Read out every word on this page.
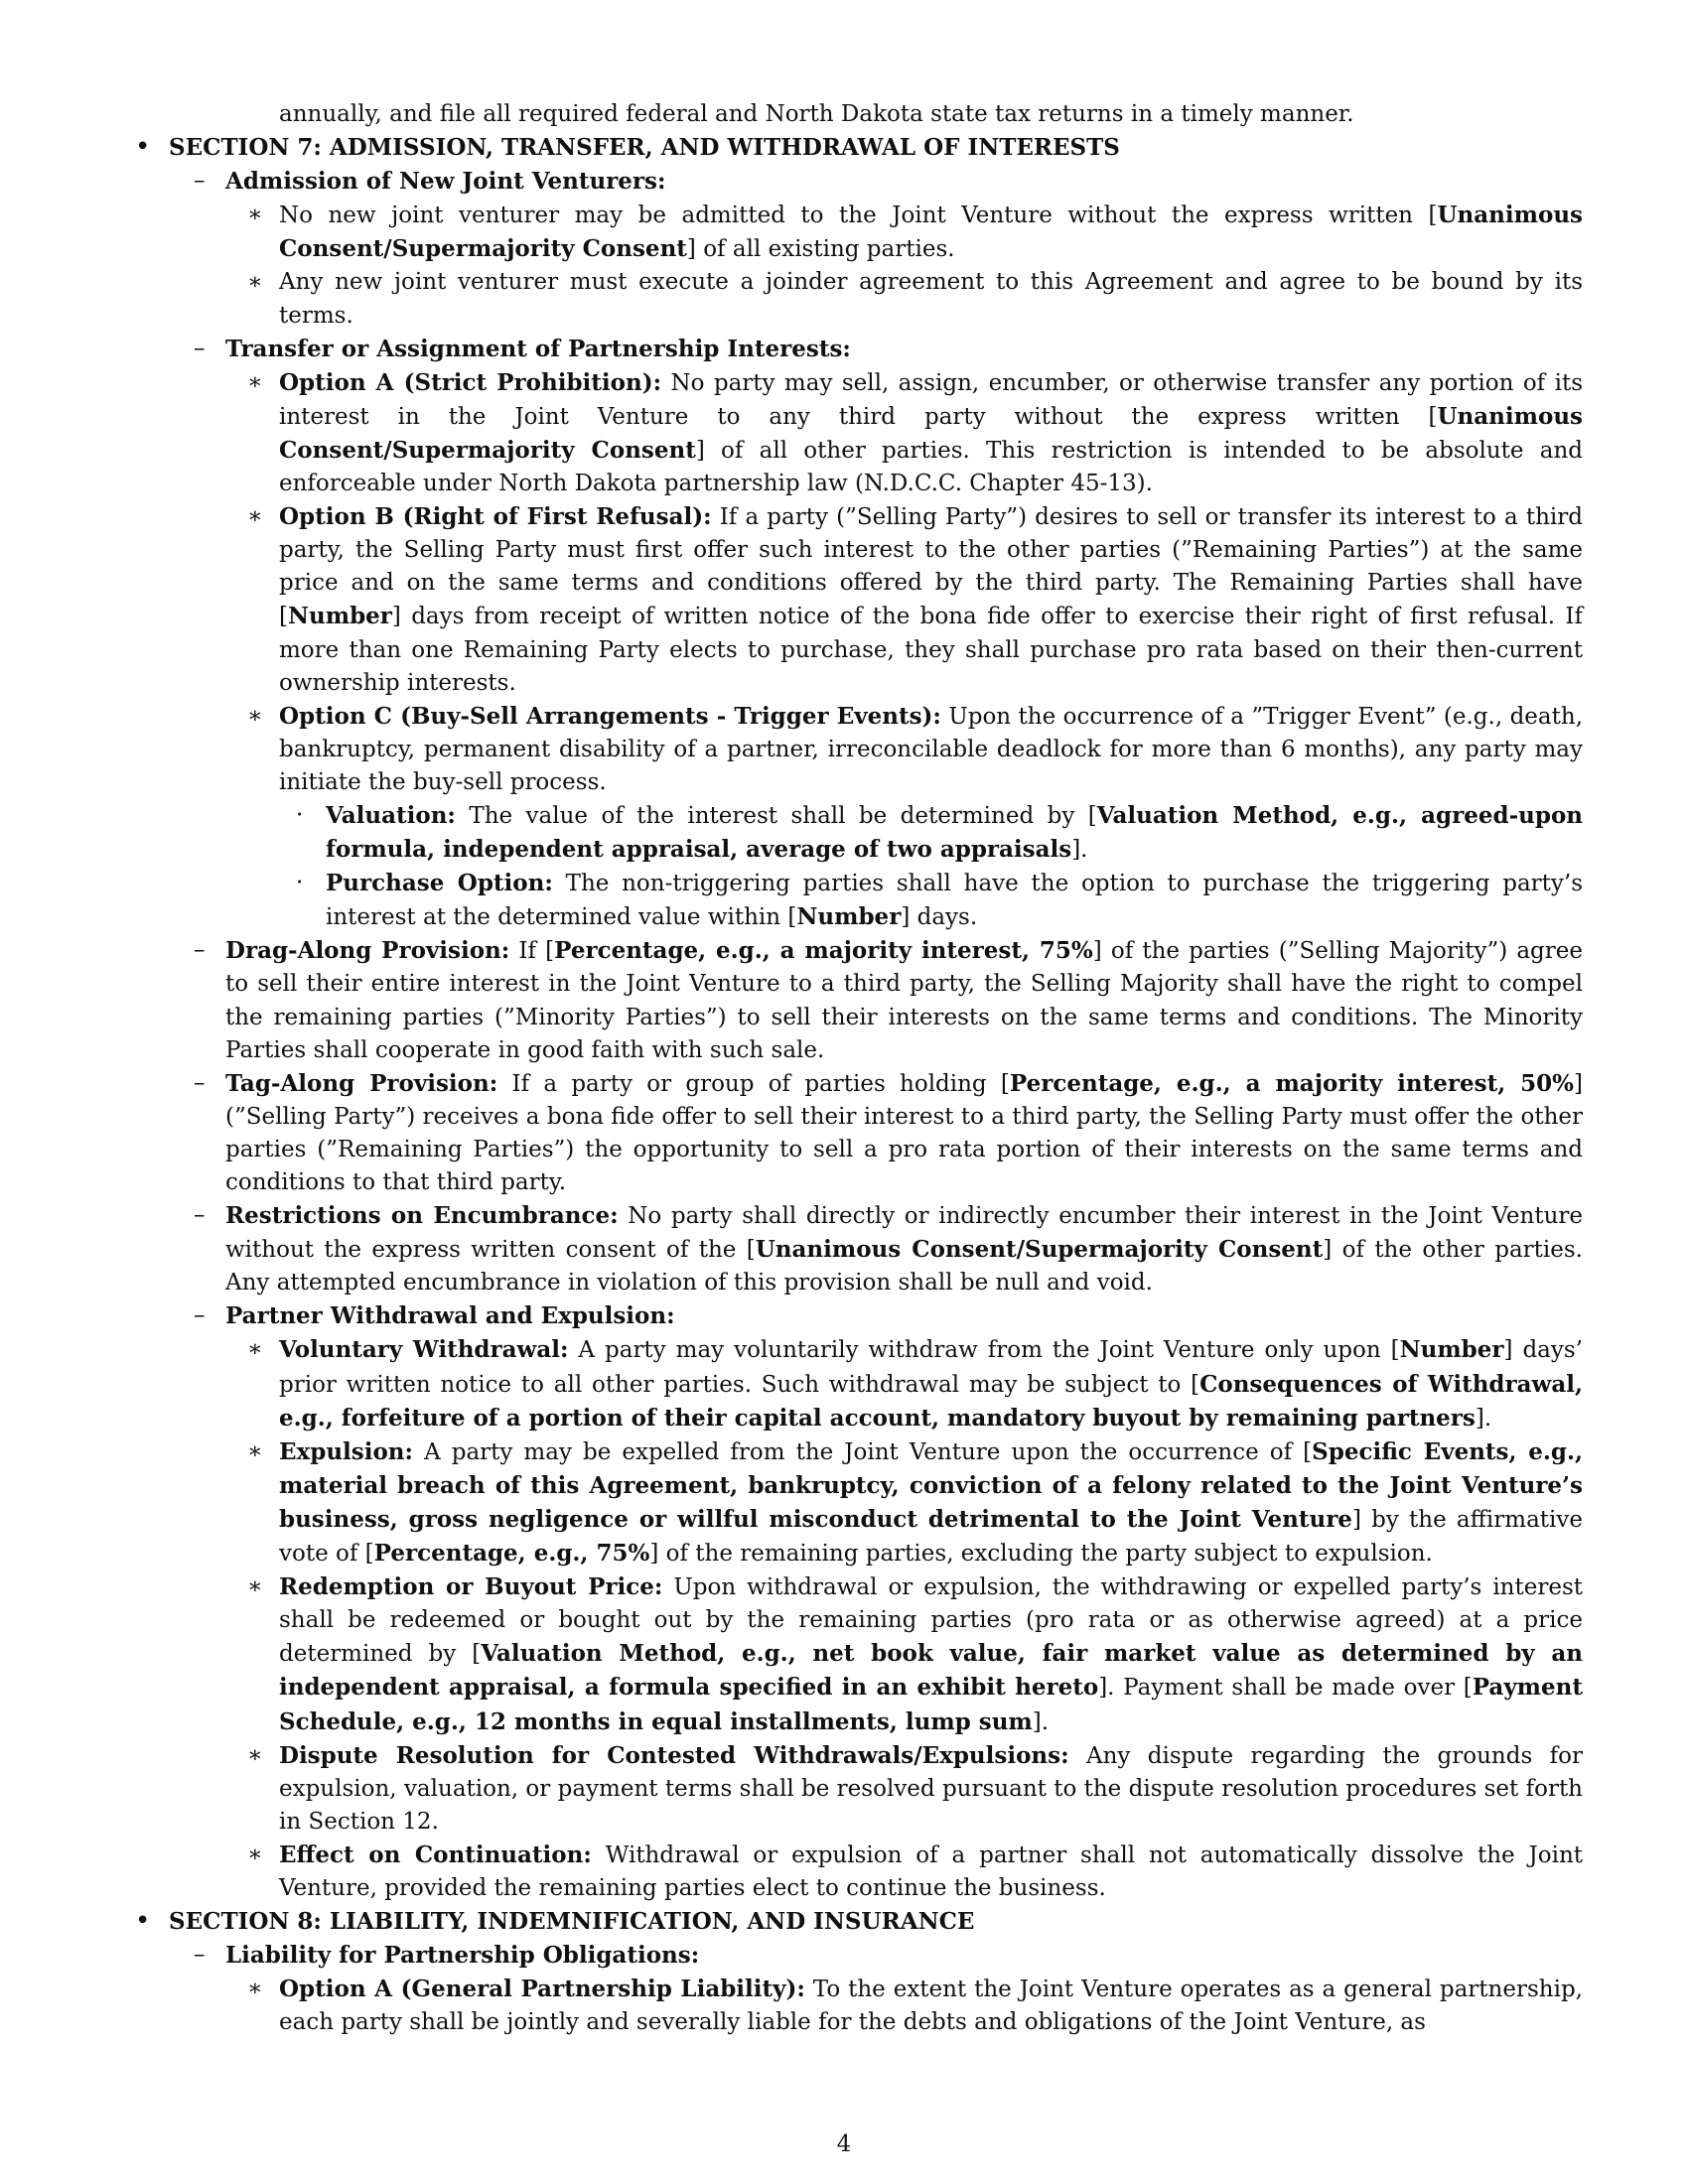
annually, and file all required federal and North Dakota state tax returns in a timely manner.

• SECTION 7: ADMISSION, TRANSFER, AND WITHDRAWAL OF INTERESTS

– Admission of New Joint Venturers:

∗ No new joint venturer may be admitted to the Joint Venture without the express written [Unanimous Consent/Supermajority Consent] of all existing parties.

∗ Any new joint venturer must execute a joinder agreement to this Agreement and agree to be bound by its terms.

– Transfer or Assignment of Partnership Interests:

∗ Option A (Strict Prohibition): No party may sell, assign, encumber, or otherwise transfer any portion of its interest in the Joint Venture to any third party without the express written [Unanimous Consent/Supermajority Consent] of all other parties. This restriction is intended to be absolute and enforceable under North Dakota partnership law (N.D.C.C. Chapter 45-13).

∗ Option B (Right of First Refusal): If a party (”Selling Party”) desires to sell or transfer its interest to a third party, the Selling Party must first offer such interest to the other parties (”Remaining Parties”) at the same price and on the same terms and conditions offered by the third party. The Remaining Parties shall have [Number] days from receipt of written notice of the bona fide offer to exercise their right of first refusal. If more than one Remaining Party elects to purchase, they shall purchase pro rata based on their then-current ownership interests.

∗ Option C (Buy-Sell Arrangements - Trigger Events): Upon the occurrence of a ”Trigger Event” (e.g., death, bankruptcy, permanent disability of a partner, irreconcilable deadlock for more than 6 months), any party may initiate the buy-sell process.

· Valuation: The value of the interest shall be determined by [Valuation Method, e.g., agreed-upon formula, independent appraisal, average of two appraisals].

· Purchase Option: The non-triggering parties shall have the option to purchase the triggering party’s interest at the determined value within [Number] days.

– Drag-Along Provision: If [Percentage, e.g., a majority interest, 75%] of the parties (”Selling Majority”) agree to sell their entire interest in the Joint Venture to a third party, the Selling Majority shall have the right to compel the remaining parties (”Minority Parties”) to sell their interests on the same terms and conditions. The Minority Parties shall cooperate in good faith with such sale.

– Tag-Along Provision: If a party or group of parties holding [Percentage, e.g., a majority interest, 50%] (”Selling Party”) receives a bona fide offer to sell their interest to a third party, the Selling Party must offer the other parties (”Remaining Parties”) the opportunity to sell a pro rata portion of their interests on the same terms and conditions to that third party.

– Restrictions on Encumbrance: No party shall directly or indirectly encumber their interest in the Joint Venture without the express written consent of the [Unanimous Consent/Supermajority Consent] of the other parties. Any attempted encumbrance in violation of this provision shall be null and void.

– Partner Withdrawal and Expulsion:

∗ Voluntary Withdrawal: A party may voluntarily withdraw from the Joint Venture only upon [Number] days’ prior written notice to all other parties. Such withdrawal may be subject to [Consequences of Withdrawal, e.g., forfeiture of a portion of their capital account, mandatory buyout by remaining partners].

∗ Expulsion: A party may be expelled from the Joint Venture upon the occurrence of [Specific Events, e.g., material breach of this Agreement, bankruptcy, conviction of a felony related to the Joint Venture’s business, gross negligence or willful misconduct detrimental to the Joint Venture] by the affirmative vote of [Percentage, e.g., 75%] of the remaining parties, excluding the party subject to expulsion.

∗ Redemption or Buyout Price: Upon withdrawal or expulsion, the withdrawing or expelled party’s interest shall be redeemed or bought out by the remaining parties (pro rata or as otherwise agreed) at a price determined by [Valuation Method, e.g., net book value, fair market value as determined by an independent appraisal, a formula specified in an exhibit hereto]. Payment shall be made over [Payment Schedule, e.g., 12 months in equal installments, lump sum].

∗ Dispute Resolution for Contested Withdrawals/Expulsions: Any dispute regarding the grounds for expulsion, valuation, or payment terms shall be resolved pursuant to the dispute resolution procedures set forth in Section 12.

∗ Effect on Continuation: Withdrawal or expulsion of a partner shall not automatically dissolve the Joint Venture, provided the remaining parties elect to continue the business.

• SECTION 8: LIABILITY, INDEMNIFICATION, AND INSURANCE

– Liability for Partnership Obligations:

∗ Option A (General Partnership Liability): To the extent the Joint Venture operates as a general partnership, each party shall be jointly and severally liable for the debts and obligations of the Joint Venture, as

4
